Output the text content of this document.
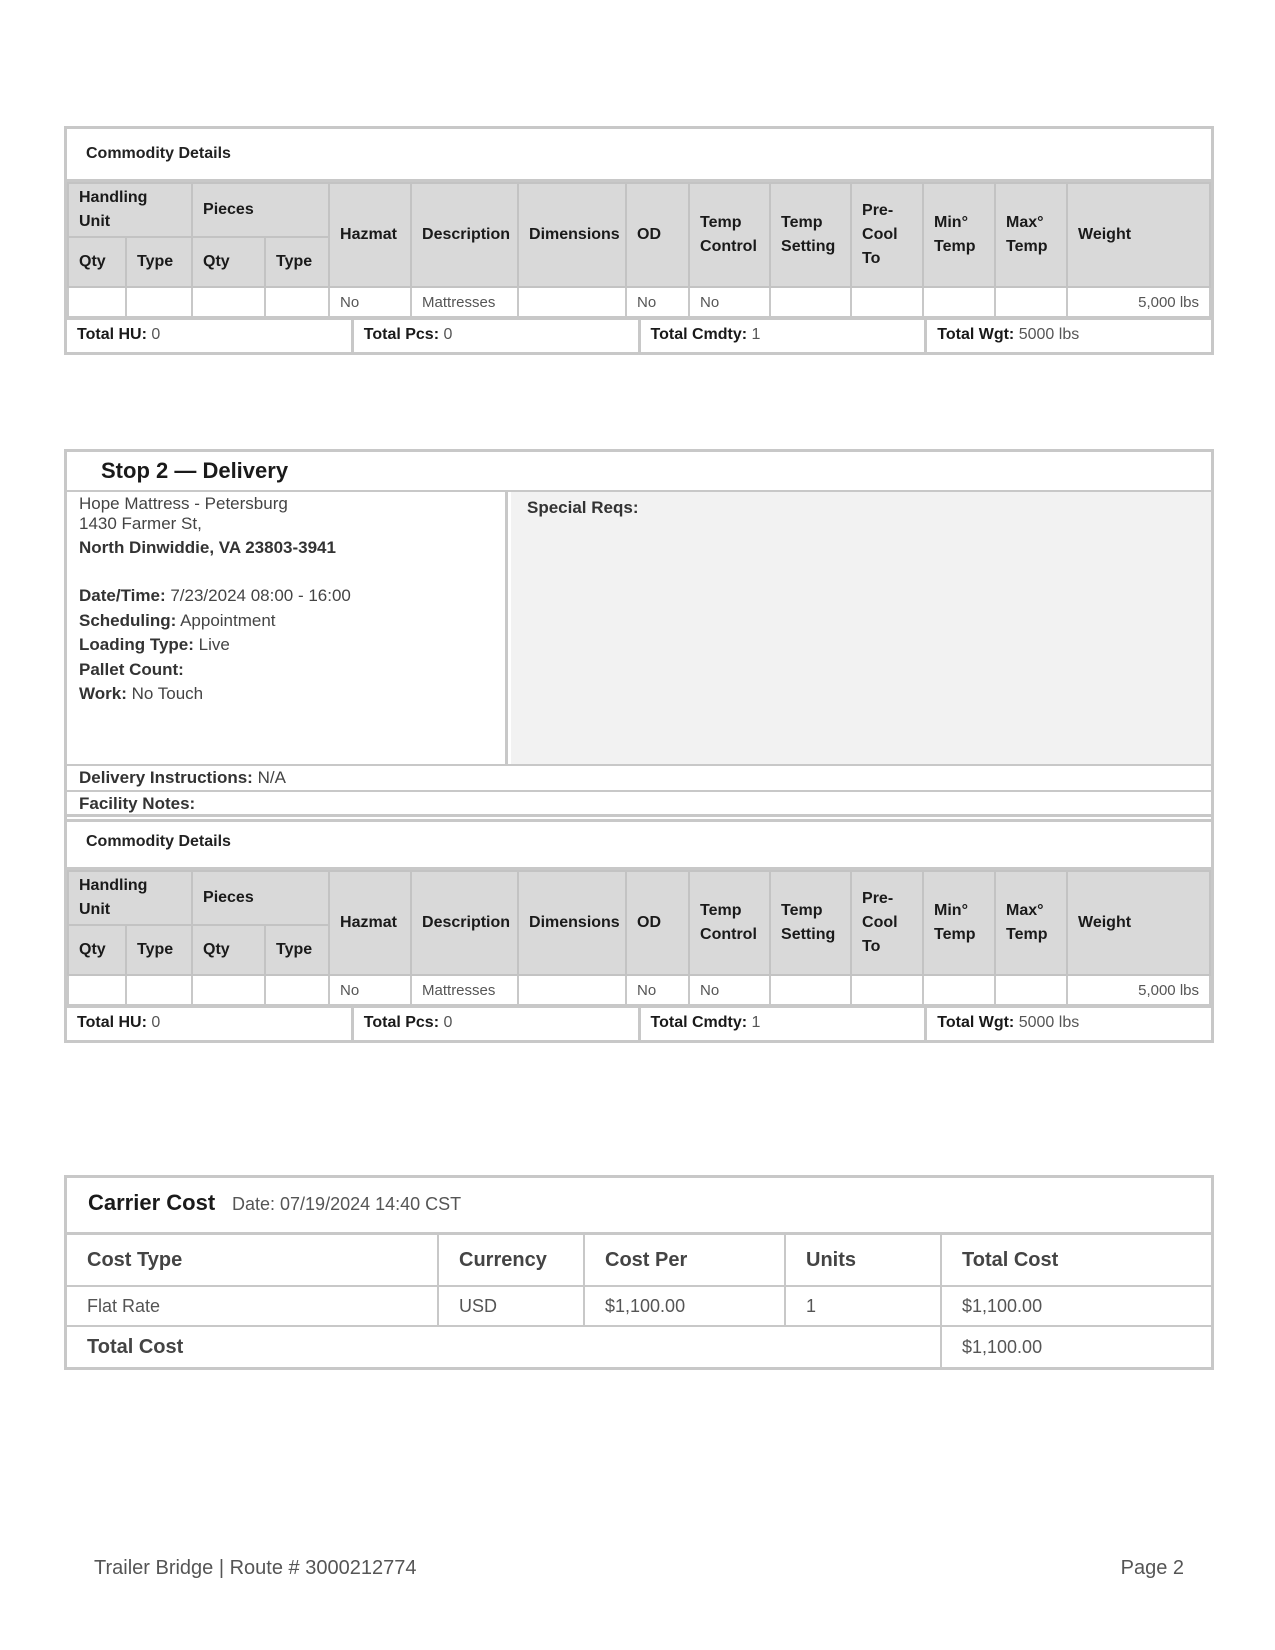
Commodity Details
Handling Unit		Pieces		Hazmat	Description	Dimensions	OD	Temp Control	Temp Setting	Pre-Cool To	Min° Temp	Max° Temp	Weight
Qty	Type	Qty	Type										
				No	Mattresses		No	No					5,000 lbs
Total HU: 0	Total Pcs: 0	Total Cmdty: 1	Total Wgt: 5000 lbs
Commodity Details
Handling Unit		Pieces		Hazmat	Description	Dimensions	OD	Temp Control	Temp Setting	Pre-Cool To	Min° Temp	Max° Temp	Weight
Qty	Type	Qty	Type										
				No	Mattresses		No	No					5,000 lbs
Total HU: 0	Total Pcs: 0	Total Cmdty: 1	Total Wgt: 5000 lbs
Stop 2 — Delivery
Hope Mattress - Petersburg
1430 Farmer St,
North Dinwiddie, VA 23803-3941
Date/Time: 7/23/2024 08:00 - 16:00
Scheduling: Appointment
Loading Type: Live
Pallet Count:
Work: No Touch
Special Reqs:
Delivery Instructions: N/A
Facility Notes:
Carrier Cost Date: 07/19/2024 14:40 CST
Cost Type	Currency	Cost Per	Units	Total Cost
Flat Rate	USD	$1,100.00	1	$1,100.00
Total Cost				$1,100.00
Trailer Bridge | Route # 3000212774	Page 2
